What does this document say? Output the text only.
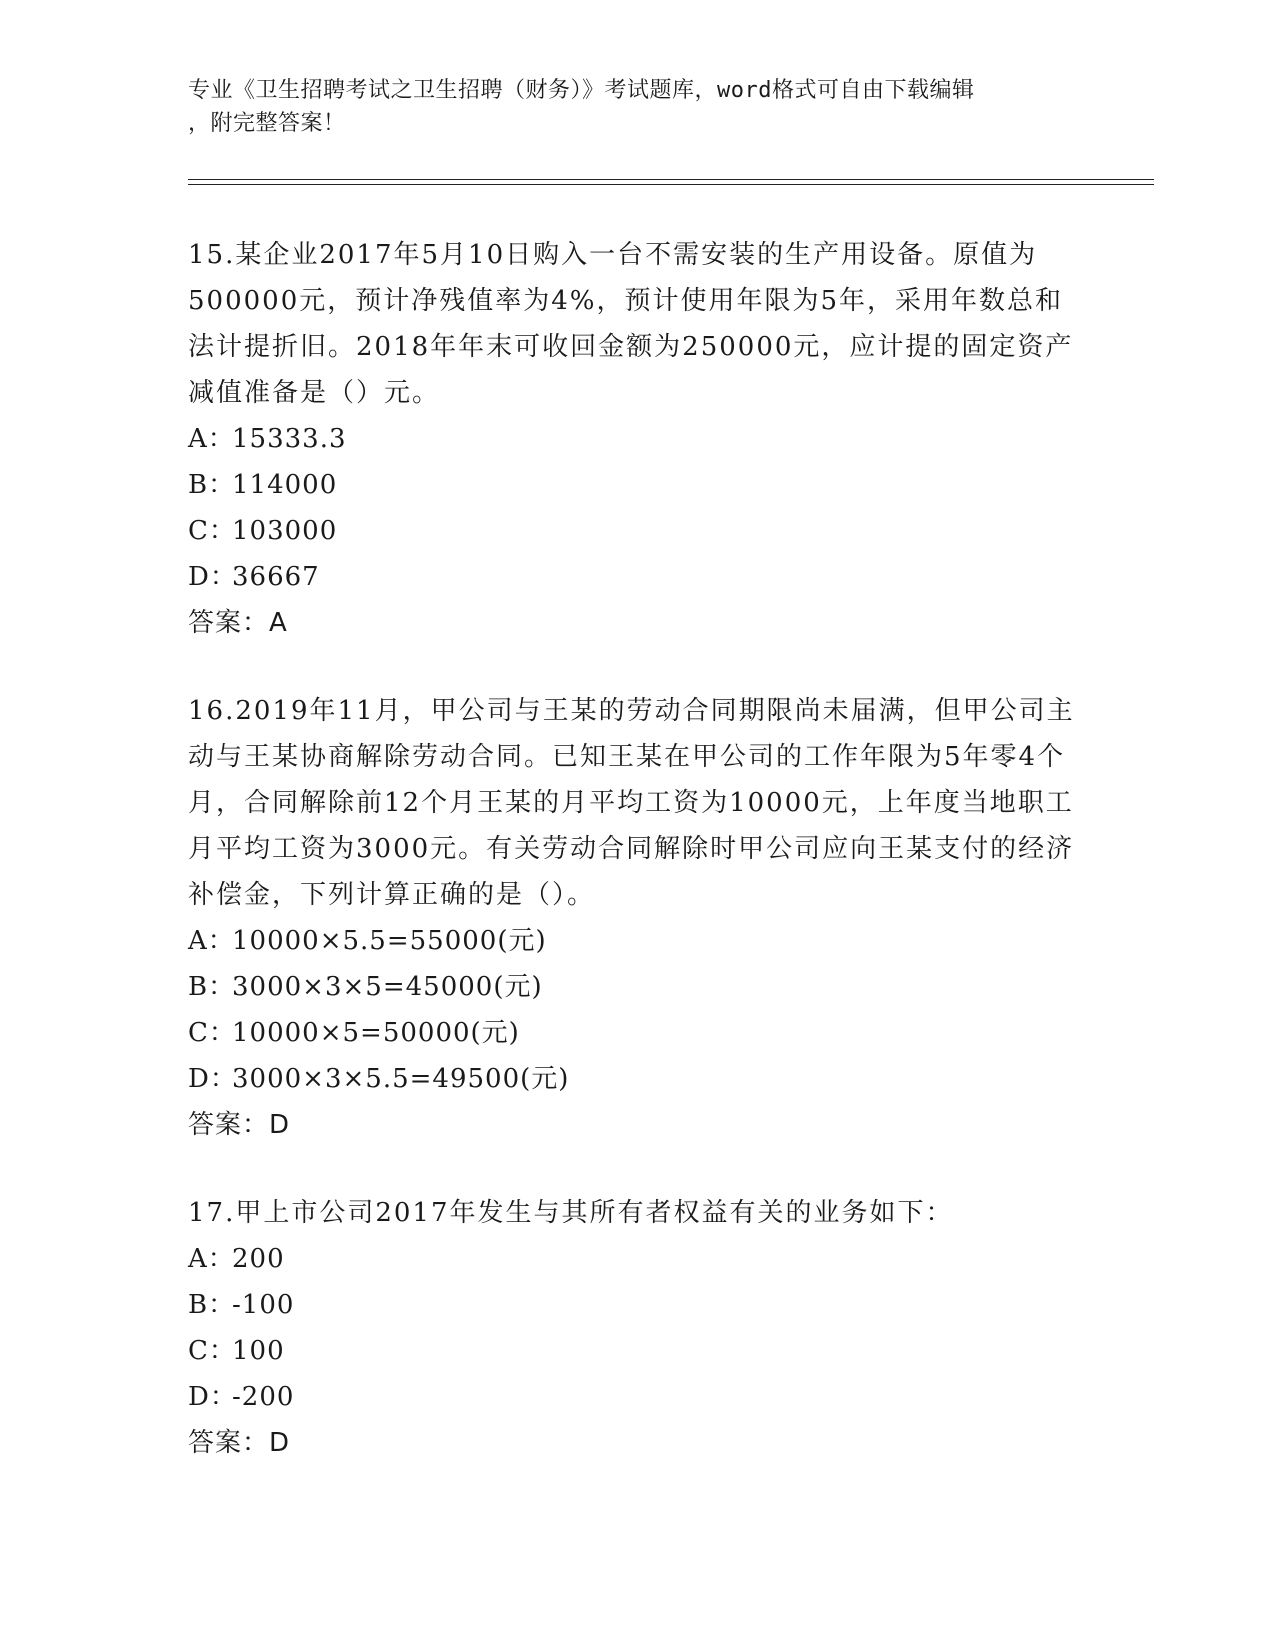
专业《卫生招聘考试之卫生招聘（财务）》考试题库，word格式可自由下载编辑
，附完整答案！

15.某企业2017年5月10日购入一台不需安装的生产用设备。原值为500000元，预计净残值率为4%，预计使用年限为5年，采用年数总和法计提折旧。2018年年末可收回金额为250000元，应计提的固定资产减值准备是（）元。

A：15333.3

B：114000

C：103000

D：36667

答案：A

16.2019年11月，甲公司与王某的劳动合同期限尚未届满，但甲公司主动与王某协商解除劳动合同。已知王某在甲公司的工作年限为5年零4个月，合同解除前12个月王某的月平均工资为10000元，上年度当地职工月平均工资为3000元。有关劳动合同解除时甲公司应向王某支付的经济补偿金，下列计算正确的是（）。

A：10000×5.5=55000(元)

B：3000×3×5=45000(元)

C：10000×5=50000(元)

D：3000×3×5.5=49500(元)

答案：D

17.甲上市公司2017年发生与其所有者权益有关的业务如下：

A：200

B：-100

C：100

D：-200

答案：D
